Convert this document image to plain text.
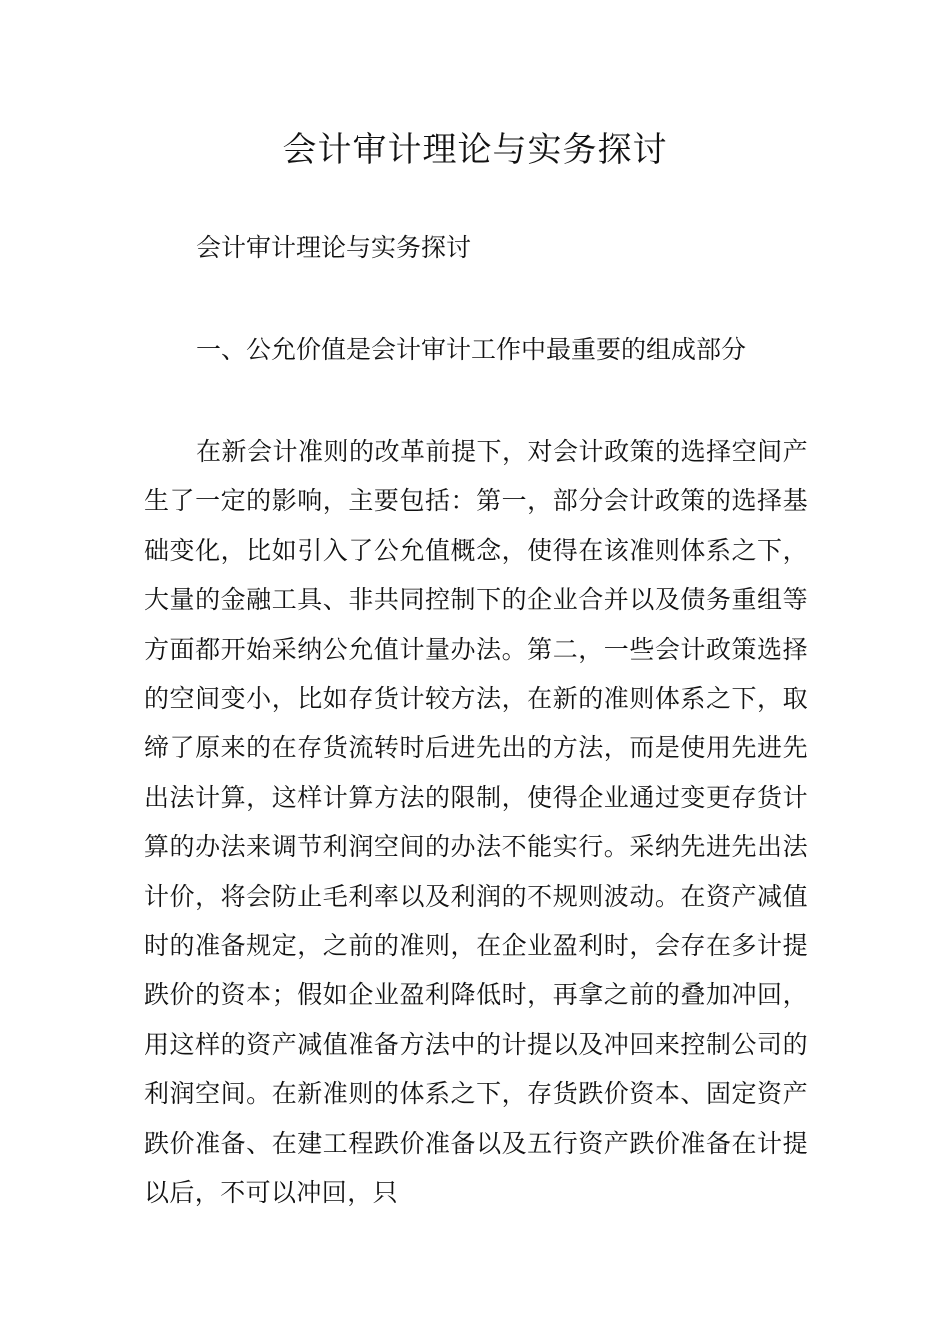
会计审计理论与实务探讨

会计审计理论与实务探讨

一、公允价值是会计审计工作中最重要的组成部分

在新会计准则的改革前提下，对会计政策的选择空间产生了一定的影响，主要包括：第一，部分会计政策的选择基础变化，比如引入了公允值概念，使得在该准则体系之下，大量的金融工具、非共同控制下的企业合并以及债务重组等方面都开始采纳公允值计量办法。第二，一些会计政策选择的空间变小，比如存货计较方法，在新的准则体系之下，取缔了原来的在存货流转时后进先出的方法，而是使用先进先出法计算，这样计算方法的限制，使得企业通过变更存货计算的办法来调节利润空间的办法不能实行。采纳先进先出法计价，将会防止毛利率以及利润的不规则波动。在资产减值时的准备规定，之前的准则，在企业盈利时，会存在多计提跌价的资本；假如企业盈利降低时，再拿之前的叠加冲回，用这样的资产减值准备方法中的计提以及冲回来控制公司的利润空间。在新准则的体系之下，存货跌价资本、固定资产跌价准备、在建工程跌价准备以及五行资产跌价准备在计提以后，不可以冲回，只
